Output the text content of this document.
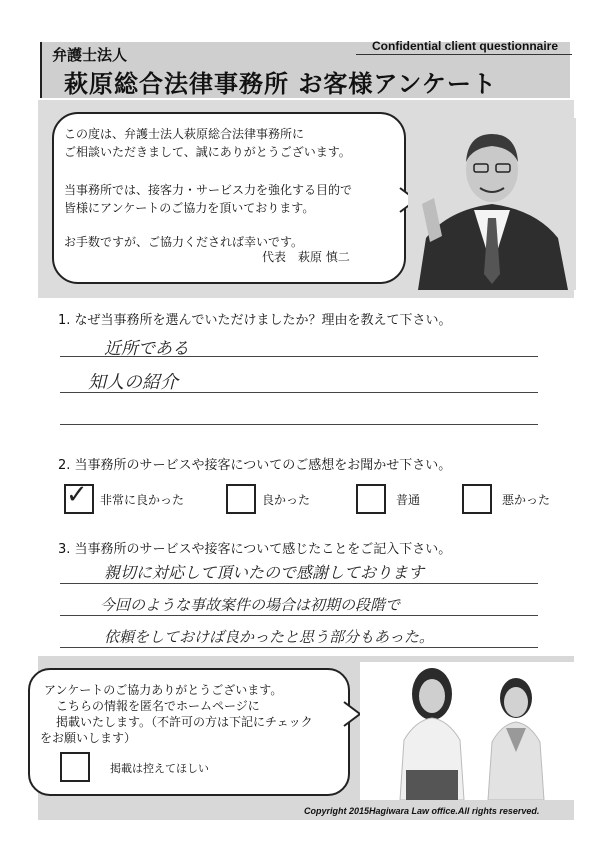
弁護士法人
萩原総合法律事務所 お客様アンケート
Confidential client questionnaire
この度は、弁護士法人萩原総合法律事務所に
ご相談いただきまして、誠にありがとうございます。
当事務所では、接客力・サービス力を強化する目的で
皆様にアンケートのご協力を頂いております。
お手数ですが、ご協力くだされば幸いです。
代表　萩原 慎二
1. なぜ当事務所を選んでいただけましたか？理由を教えて下さい。
近所である
知人の紹介
2. 当事務所のサービスや接客についてのご感想をお聞かせ下さい。
✓ 非常に良かった	良かった	普通	悪かった
3. 当事務所のサービスや接客について感じたことをご記入下さい。
親切に対応して頂いたので感謝しております
今回のような事故案件の場合は初期の段階で
依頼をしておけば良かったと思う部分もあった。
アンケートのご協力ありがとうございます。
こちらの情報を匿名でホームページに
掲載いたします。（不許可の方は下記にチェック
をお願いします）
掲載は控えてほしい
Copyright 2015Hagiwara Law office.All rights reserved.
